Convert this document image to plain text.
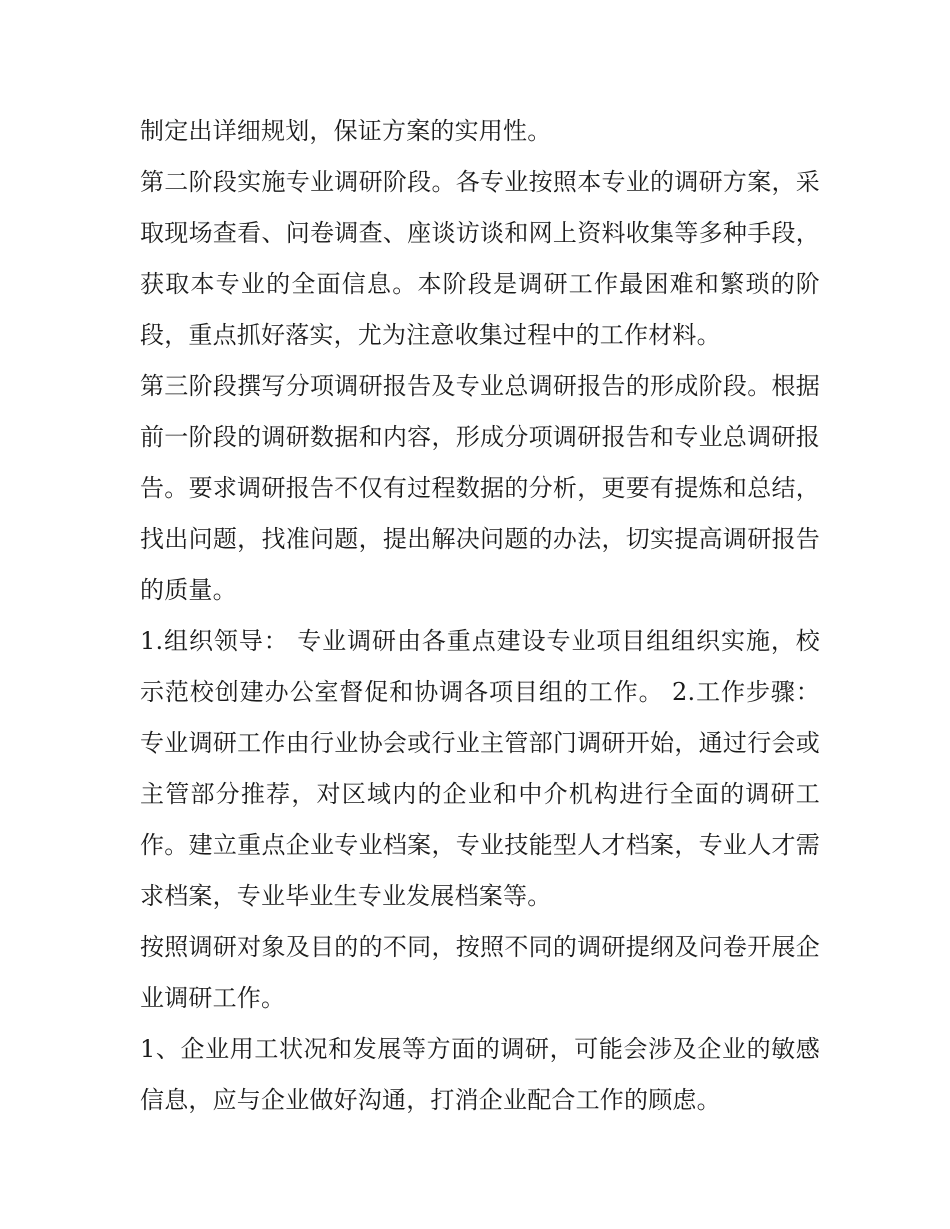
制定出详细规划，保证方案的实用性。

第二阶段实施专业调研阶段。各专业按照本专业的调研方案，采取现场查看、问卷调查、座谈访谈和网上资料收集等多种手段，获取本专业的全面信息。本阶段是调研工作最困难和繁琐的阶段，重点抓好落实，尤为注意收集过程中的工作材料。

第三阶段撰写分项调研报告及专业总调研报告的形成阶段。根据前一阶段的调研数据和内容，形成分项调研报告和专业总调研报告。要求调研报告不仅有过程数据的分析，更要有提炼和总结，找出问题，找准问题，提出解决问题的办法，切实提高调研报告的质量。

1.组织领导： 专业调研由各重点建设专业项目组组织实施，校示范校创建办公室督促和协调各项目组的工作。 2.工作步骤：专业调研工作由行业协会或行业主管部门调研开始，通过行会或主管部分推荐，对区域内的企业和中介机构进行全面的调研工作。建立重点企业专业档案，专业技能型人才档案，专业人才需求档案，专业毕业生专业发展档案等。

按照调研对象及目的的不同，按照不同的调研提纲及问卷开展企业调研工作。

1、企业用工状况和发展等方面的调研，可能会涉及企业的敏感信息，应与企业做好沟通，打消企业配合工作的顾虑。
